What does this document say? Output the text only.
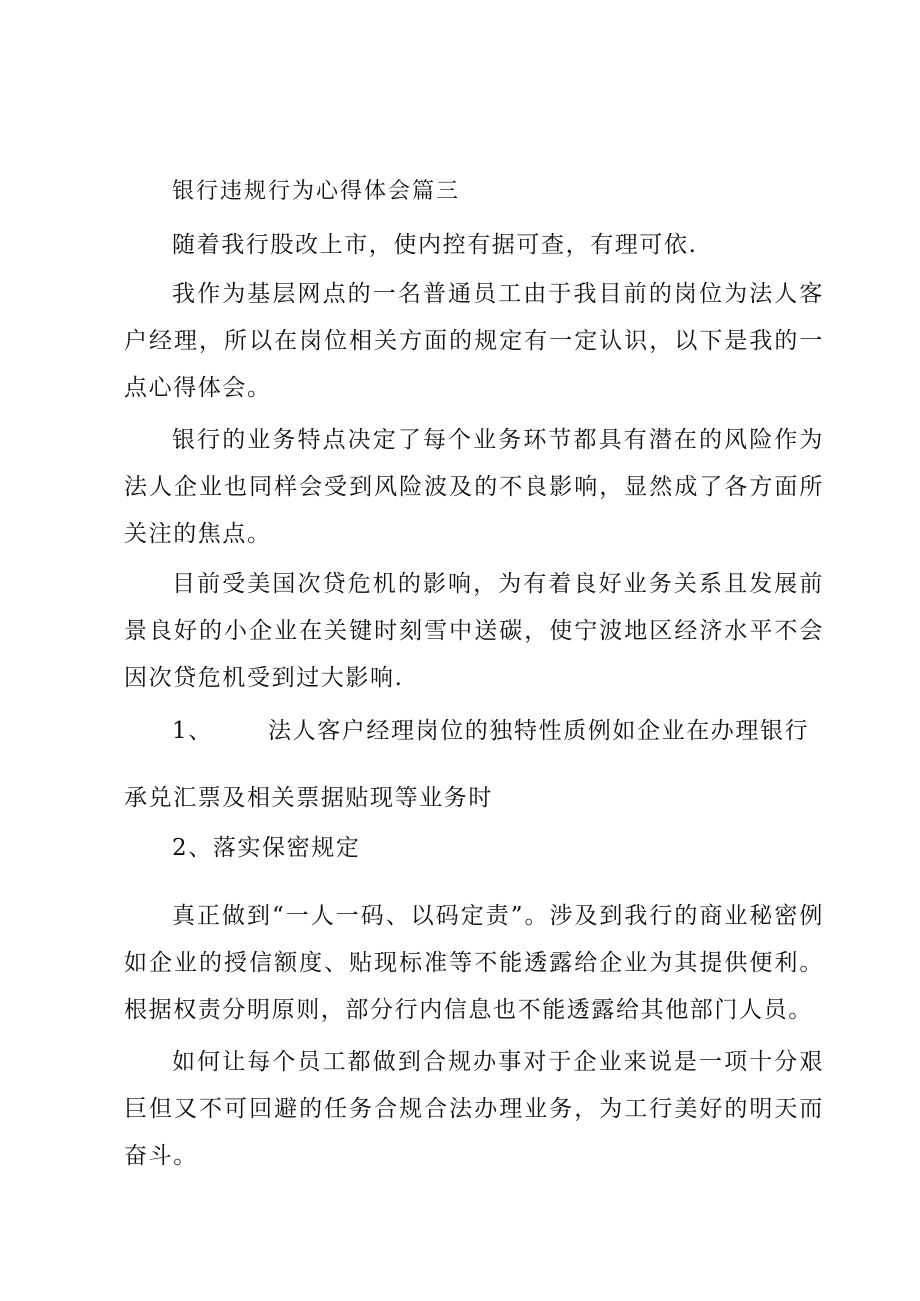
银行违规行为心得体会篇三
随着我行股改上市，使内控有据可查，有理可依.
我作为基层网点的一名普通员工由于我目前的岗位为法人客户经理，所以在岗位相关方面的规定有一定认识，以下是我的一点心得体会。
银行的业务特点决定了每个业务环节都具有潜在的风险作为法人企业也同样会受到风险波及的不良影响，显然成了各方面所关注的焦点。
目前受美国次贷危机的影响，为有着良好业务关系且发展前景良好的小企业在关键时刻雪中送碳，使宁波地区经济水平不会因次贷危机受到过大影响.
1、 法人客户经理岗位的独特性质例如企业在办理银行
承兑汇票及相关票据贴现等业务时
2、落实保密规定
真正做到“一人一码、以码定责”。涉及到我行的商业秘密例如企业的授信额度、贴现标准等不能透露给企业为其提供便利。根据权责分明原则，部分行内信息也不能透露给其他部门人员。
如何让每个员工都做到合规办事对于企业来说是一项十分艰巨但又不可回避的任务合规合法办理业务，为工行美好的明天而奋斗。
